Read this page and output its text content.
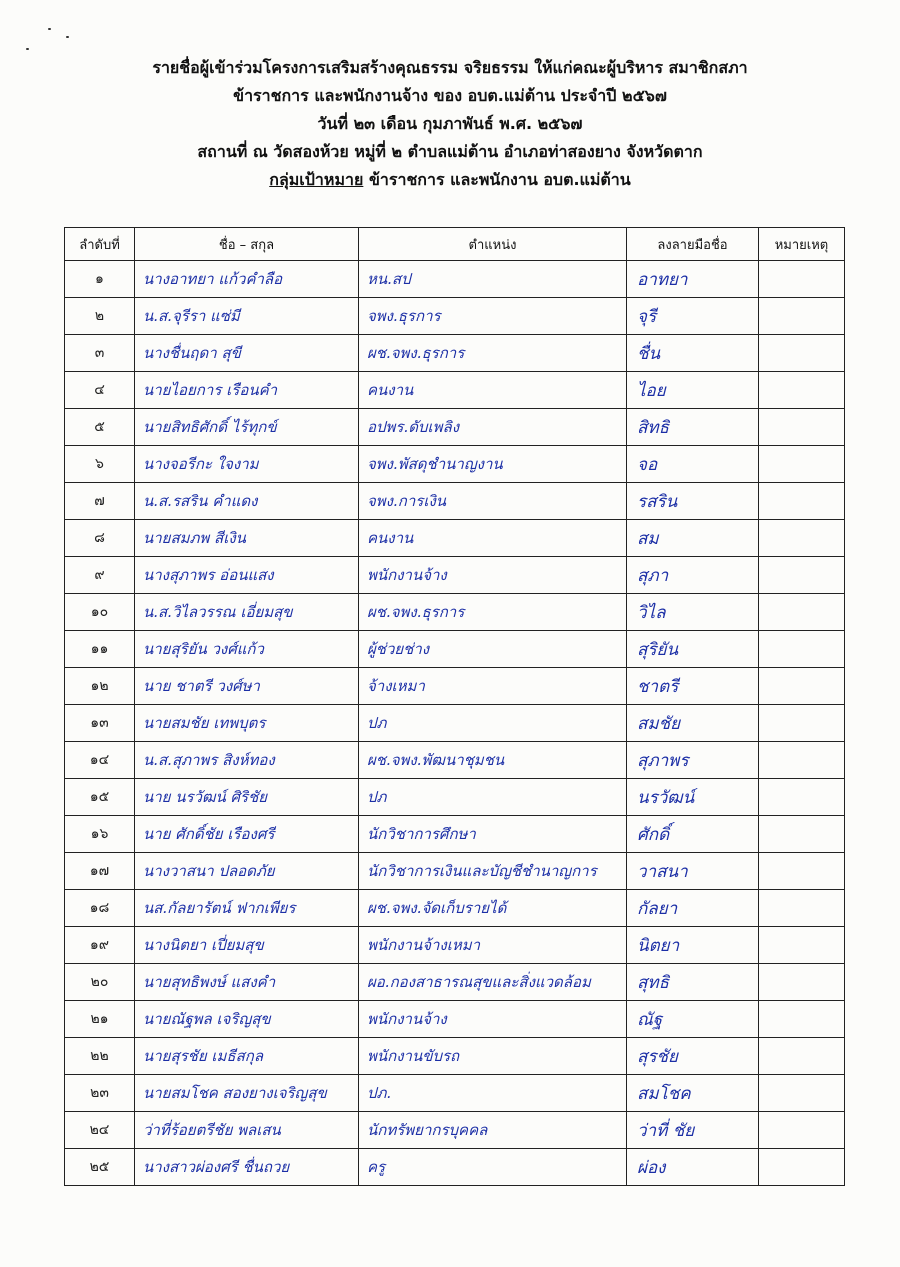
รายชื่อผู้เข้าร่วมโครงการเสริมสร้างคุณธรรม จริยธรรม ให้แก่คณะผู้บริหาร สมาชิกสภา
ข้าราชการ และพนักงานจ้าง ของ อบต.แม่ต้าน ประจำปี ๒๕๖๗
วันที่ ๒๓ เดือน กุมภาพันธ์ พ.ศ. ๒๕๖๗
สถานที่ ณ วัดสองห้วย หมู่ที่ ๒ ตำบลแม่ต้าน อำเภอท่าสองยาง จังหวัดตาก
กลุ่มเป้าหมาย ข้าราชการ และพนักงาน อบต.แม่ต้าน
ลำดับที่	ชื่อ – สกุล	ตำแหน่ง	ลงลายมือชื่อ	หมายเหตุ
๑	นางอาทยา แก้วคำลือ	หน.สป	อาทยา	
๒	น.ส.จุรีรา แซ่มี	จพง.ธุรการ	จุรี	
๓	นางชื่นฤดา สุขี	ผช.จพง.ธุรการ	ชื่น	
๔	นายไอยการ เรือนคำ	คนงาน	ไอย	
๕	นายสิทธิศักดิ์ ไร้ทุกข์	อปพร.ดับเพลิง	สิทธิ	
๖	นางจอรีกะ ใจงาม	จพง.พัสดุชำนาญงาน	จอ	
๗	น.ส.รสริน คำแดง	จพง.การเงิน	รสริน	
๘	นายสมภพ สีเงิน	คนงาน	สม	
๙	นางสุภาพร อ่อนแสง	พนักงานจ้าง	สุภา	
๑๐	น.ส.วิไลวรรณ เอี่ยมสุข	ผช.จพง.ธุรการ	วิไล	
๑๑	นายสุริยัน วงศ์แก้ว	ผู้ช่วยช่าง	สุริยัน	
๑๒	นาย ชาตรี วงศ์ษา	จ้างเหมา	ชาตรี	
๑๓	นายสมชัย เทพบุตร	ปภ	สมชัย	
๑๔	น.ส.สุภาพร สิงห์ทอง	ผช.จพง.พัฒนาชุมชน	สุภาพร	
๑๕	นาย นรวัฒน์ ศิริชัย	ปภ	นรวัฒน์	
๑๖	นาย ศักดิ์ชัย เรืองศรี	นักวิชาการศึกษา	ศักดิ์	
๑๗	นางวาสนา ปลอดภัย	นักวิชาการเงินและบัญชีชำนาญการ	วาสนา	
๑๘	นส.กัลยารัตน์ ฟากเพียร	ผช.จพง.จัดเก็บรายได้	กัลยา	
๑๙	นางนิตยา เปี่ยมสุข	พนักงานจ้างเหมา	นิตยา	
๒๐	นายสุทธิพงษ์ แสงคำ	ผอ.กองสาธารณสุขและสิ่งแวดล้อม	สุทธิ	
๒๑	นายณัฐพล เจริญสุข	พนักงานจ้าง	ณัฐ	
๒๒	นายสุรชัย เมธีสกุล	พนักงานขับรถ	สุรชัย	
๒๓	นายสมโชค สองยางเจริญสุข	ปภ.	สมโชค	
๒๔	ว่าที่ร้อยตรีชัย พลเสน	นักทรัพยากรบุคคล	ว่าที่ ชัย	
๒๕	นางสาวผ่องศรี ชื่นถวย	ครู	ผ่อง	
